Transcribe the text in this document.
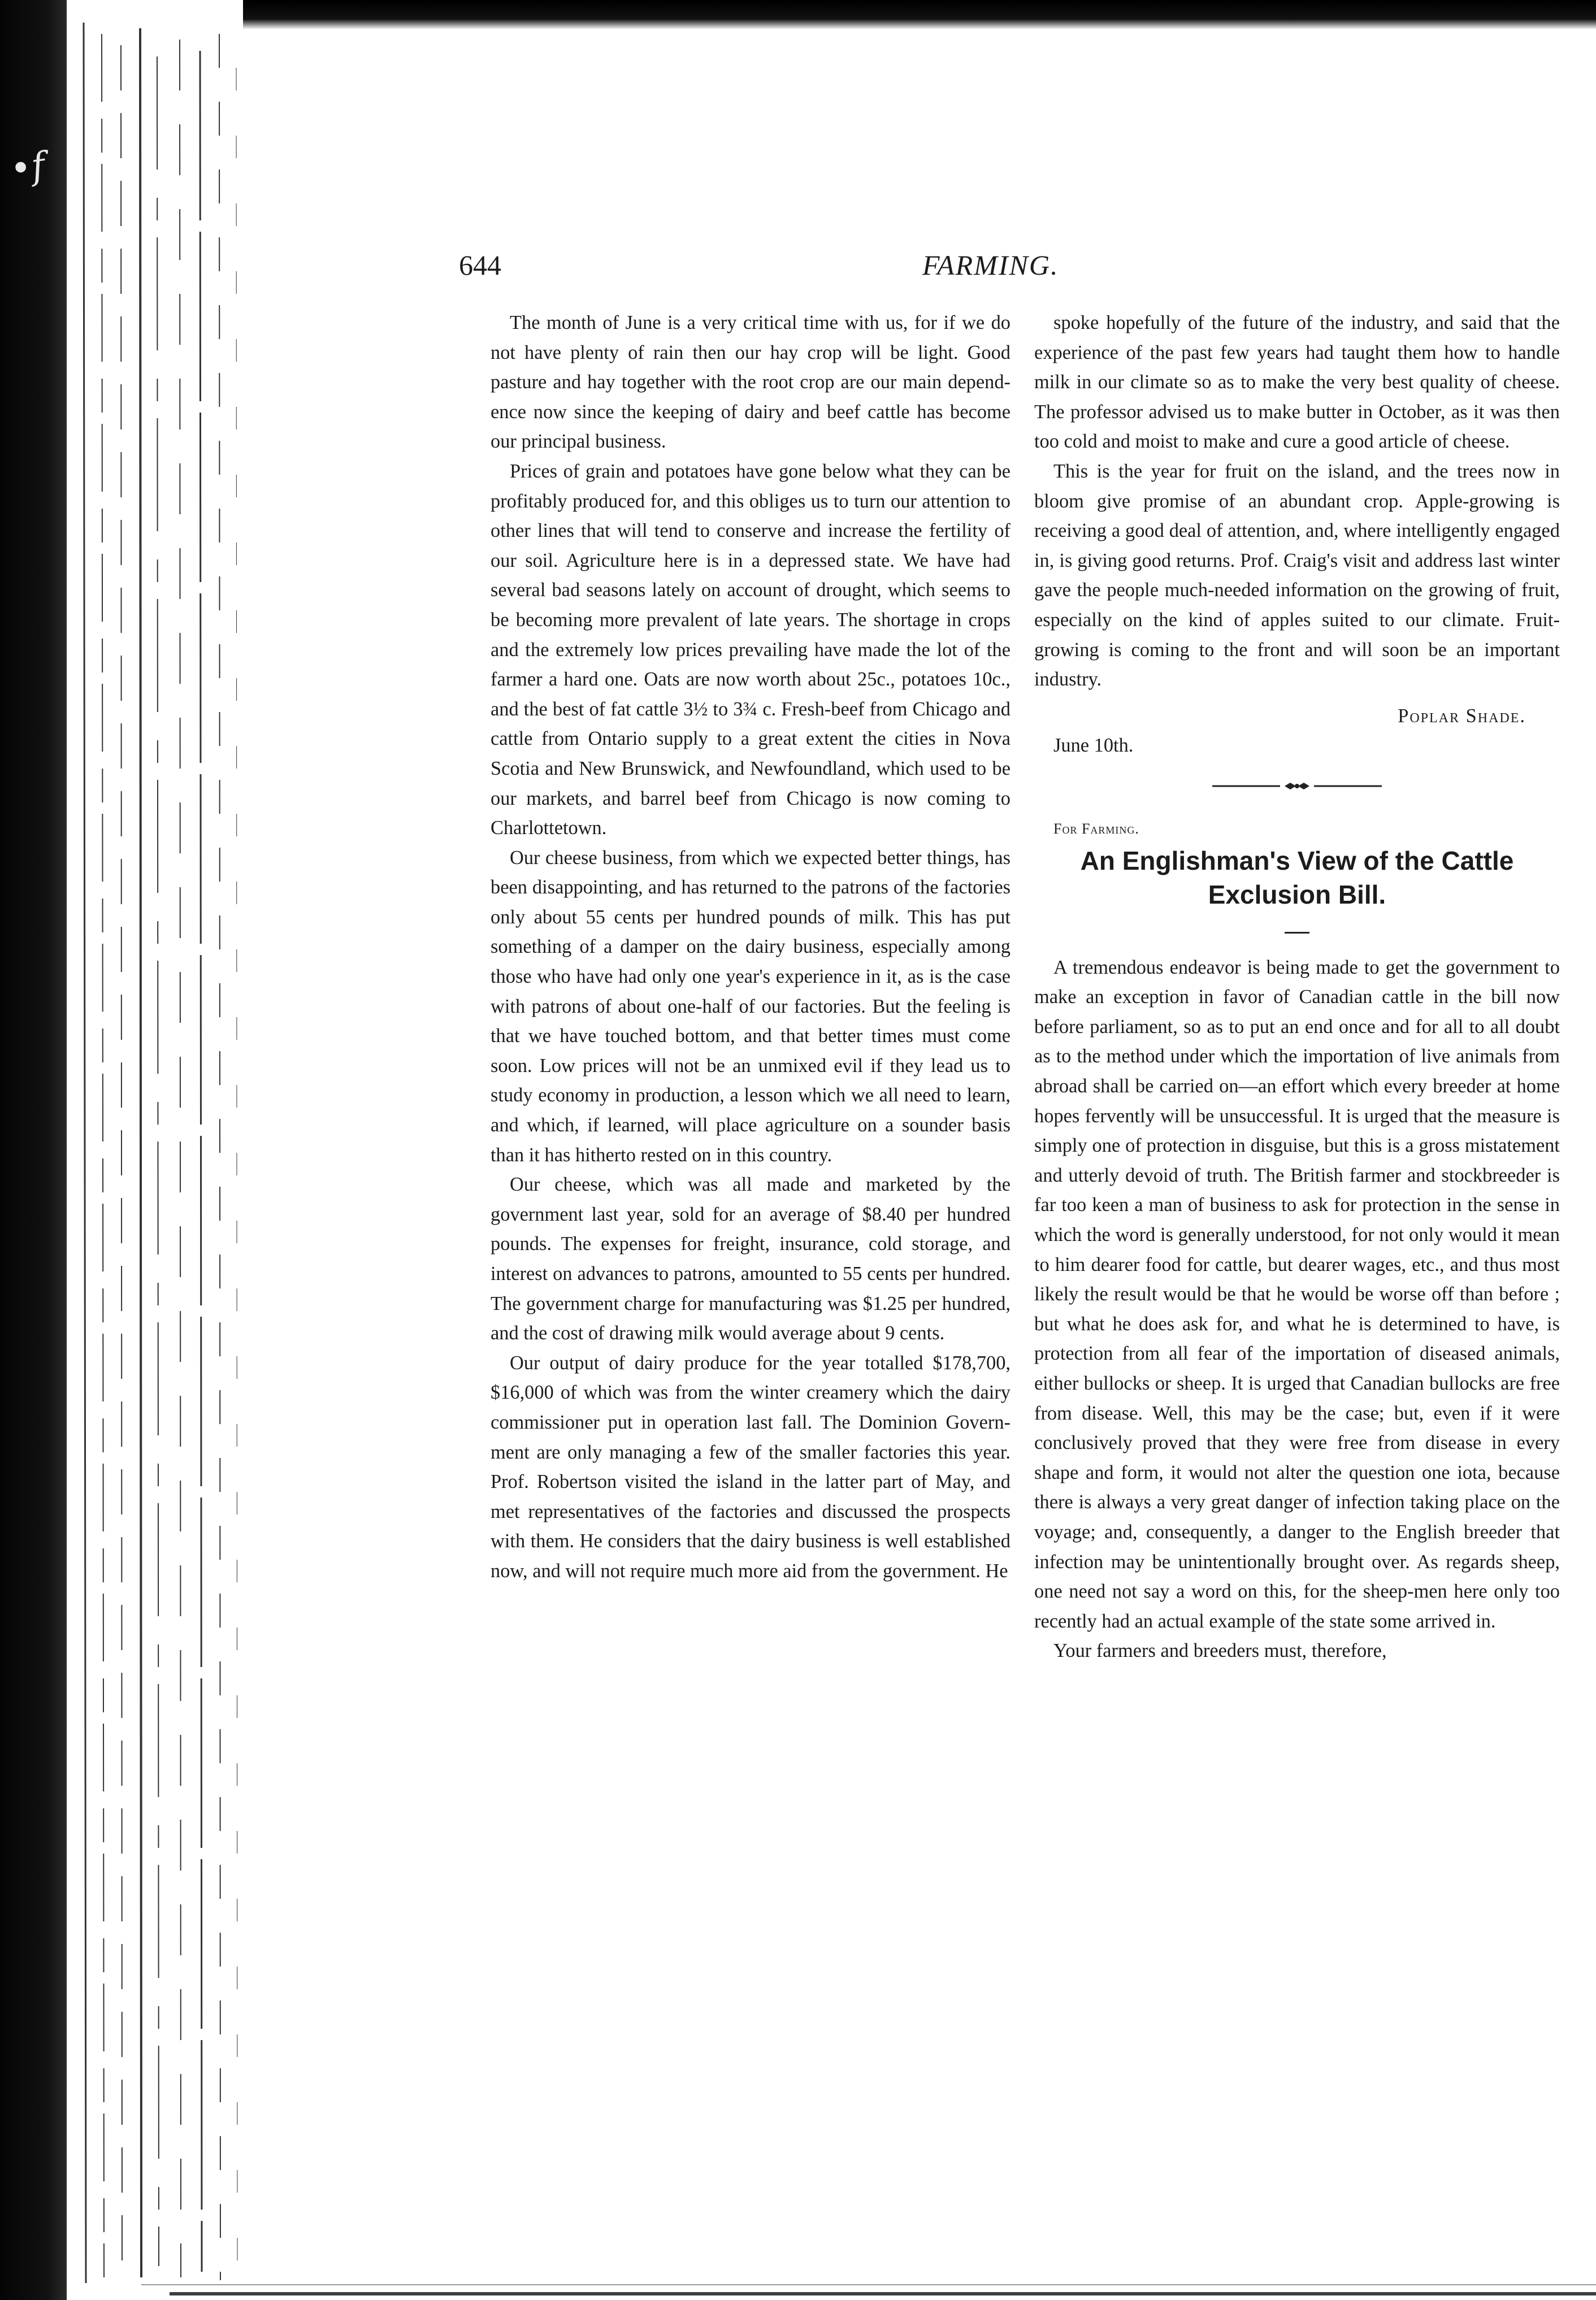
•f
644	FARMING.

The month of June is a very critical time with us, for if we do not have plenty of rain then our hay crop will be light. Good pasture and hay together with the root crop are our main dependence now since the keeping of dairy and beef cattle has become our principal business.

Prices of grain and potatoes have gone below what they can be profitably produced for, and this obliges us to turn our attention to other lines that will tend to conserve and increase the fertility of our soil. Agriculture here is in a depressed state. We have had several bad seasons lately on account of drought, which seems to be becoming more prevalent of late years. The shortage in crops and the extremely low prices prevailing have made the lot of the farmer a hard one. Oats are now worth about 25c., potatoes 10c., and the best of fat cattle 3½ to 3¾ c. Fresh-beef from Chicago and cattle from Ontario supply to a great extent the cities in Nova Scotia and New Brunswick, and Newfoundland, which used to be our markets, and barrel beef from Chicago is now coming to Charlottetown.

Our cheese business, from which we expected better things, has been disappointing, and has returned to the patrons of the factories only about 55 cents per hundred pounds of milk. This has put something of a damper on the dairy business, especially among those who have had only one year's experience in it, as is the case with patrons of about one-half of our factories. But the feeling is that we have touched bottom, and that better times must come soon. Low prices will not be an unmixed evil if they lead us to study economy in production, a lesson which we all need to learn, and which, if learned, will place agriculture on a sounder basis than it has hitherto rested on in this country.

Our cheese, which was all made and marketed by the government last year, sold for an average of $8.40 per hundred pounds. The expenses for freight, insurance, cold storage, and interest on advances to patrons, amounted to 55 cents per hundred. The government charge for manufacturing was $1.25 per hundred, and the cost of drawing milk would average about 9 cents.

Our output of dairy produce for the year totalled $178,700, $16,000 of which was from the winter creamery which the dairy commissioner put in operation last fall. The Dominion Government are only managing a few of the smaller factories this year. Prof. Robertson visited the island in the latter part of May, and met representatives of the factories and discussed the prospects with them. He considers that the dairy business is well established now, and will not require much more aid from the government. He

spoke hopefully of the future of the industry, and said that the experience of the past few years had taught them how to handle milk in our climate so as to make the very best quality of cheese. The professor advised us to make butter in October, as it was then too cold and moist to make and cure a good article of cheese.

This is the year for fruit on the island, and the trees now in bloom give promise of an abundant crop. Apple-growing is receiving a good deal of attention, and, where intelligently engaged in, is giving good returns. Prof. Craig's visit and address last winter gave the people much-needed information on the growing of fruit, especially on the kind of apples suited to our climate. Fruit-growing is coming to the front and will soon be an important industry.

Poplar Shade.

June 10th.

For Farming.

An Englishman's View of the Cattle Exclusion Bill.

A tremendous endeavor is being made to get the government to make an exception in favor of Canadian cattle in the bill now before parliament, so as to put an end once and for all to all doubt as to the method under which the importation of live animals from abroad shall be carried on—an effort which every breeder at home hopes fervently will be unsuccessful. It is urged that the measure is simply one of protection in disguise, but this is a gross mistatement and utterly devoid of truth. The British farmer and stockbreeder is far too keen a man of business to ask for protection in the sense in which the word is generally understood, for not only would it mean to him dearer food for cattle, but dearer wages, etc., and thus most likely the result would be that he would be worse off than before ; but what he does ask for, and what he is determined to have, is protection from all fear of the importation of diseased animals, either bullocks or sheep. It is urged that Canadian bullocks are free from disease. Well, this may be the case; but, even if it were conclusively proved that they were free from disease in every shape and form, it would not alter the question one iota, because there is always a very great danger of infection taking place on the voyage; and, consequently, a danger to the English breeder that infection may be unintentionally brought over. As regards sheep, one need not say a word on this, for the sheep-men here only too recently had an actual example of the state some arrived in.

Your farmers and breeders must, therefore,
